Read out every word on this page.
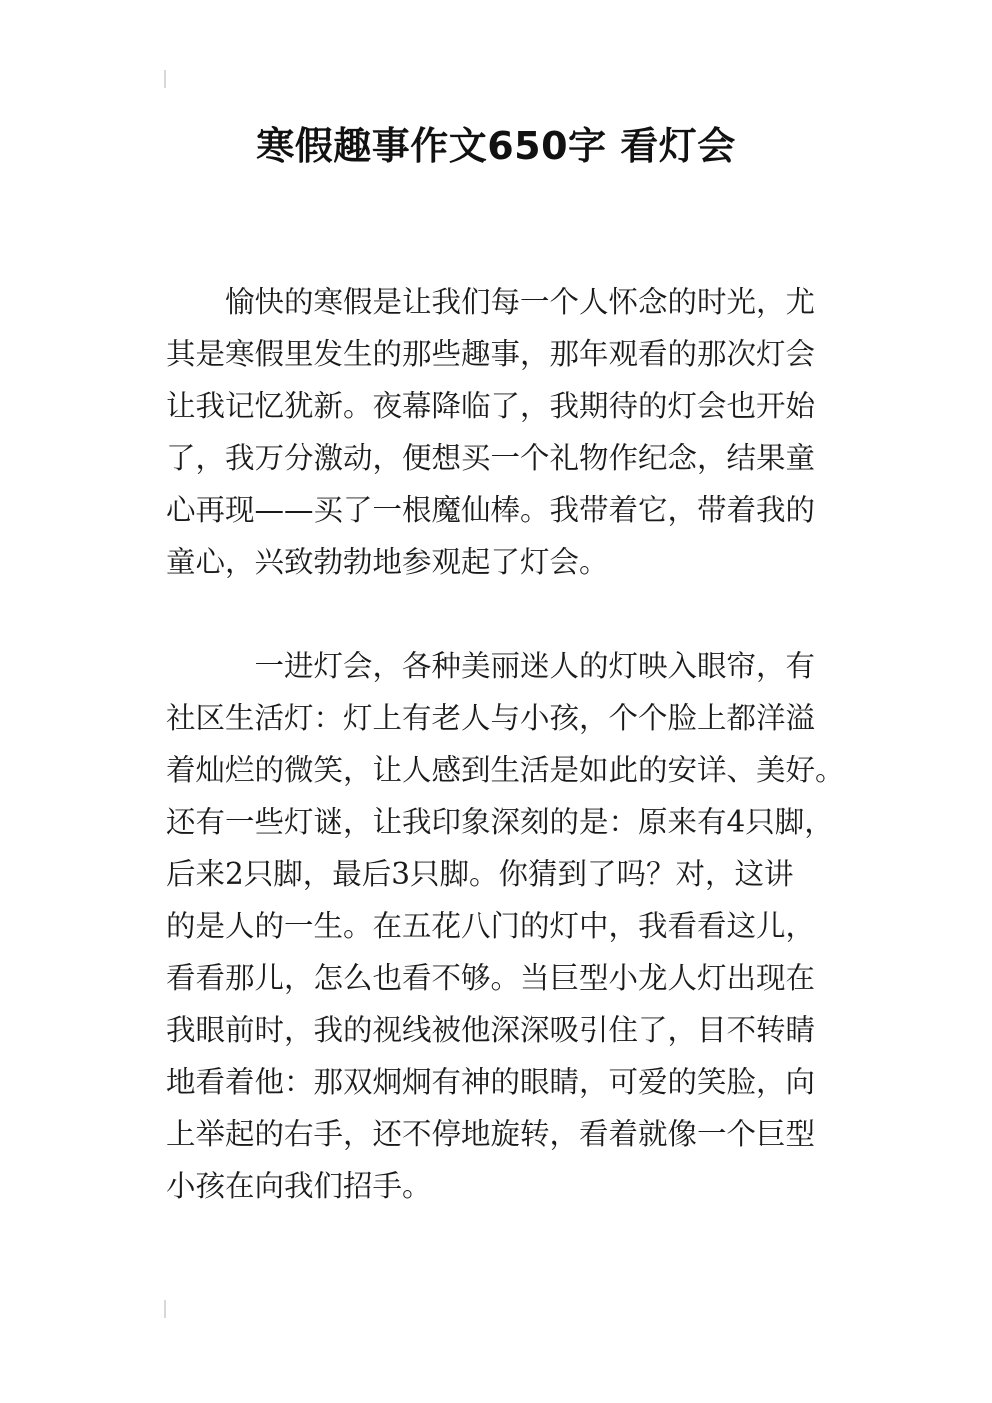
寒假趣事作文650字 看灯会
　　愉快的寒假是让我们每一个人怀念的时光，尤
其是寒假里发生的那些趣事，那年观看的那次灯会
让我记忆犹新。夜幕降临了，我期待的灯会也开始
了，我万分激动，便想买一个礼物作纪念，结果童
心再现——买了一根魔仙棒。我带着它，带着我的
童心，兴致勃勃地参观起了灯会。
　　　一进灯会，各种美丽迷人的灯映入眼帘，有
社区生活灯：灯上有老人与小孩，个个脸上都洋溢
着灿烂的微笑，让人感到生活是如此的安详、美好。
还有一些灯谜，让我印象深刻的是：原来有4只脚，
后来2只脚，最后3只脚。你猜到了吗？对，这讲
的是人的一生。在五花八门的灯中，我看看这儿，
看看那儿，怎么也看不够。当巨型小龙人灯出现在
我眼前时，我的视线被他深深吸引住了，目不转睛
地看着他：那双炯炯有神的眼睛，可爱的笑脸，向
上举起的右手，还不停地旋转，看着就像一个巨型
小孩在向我们招手。
